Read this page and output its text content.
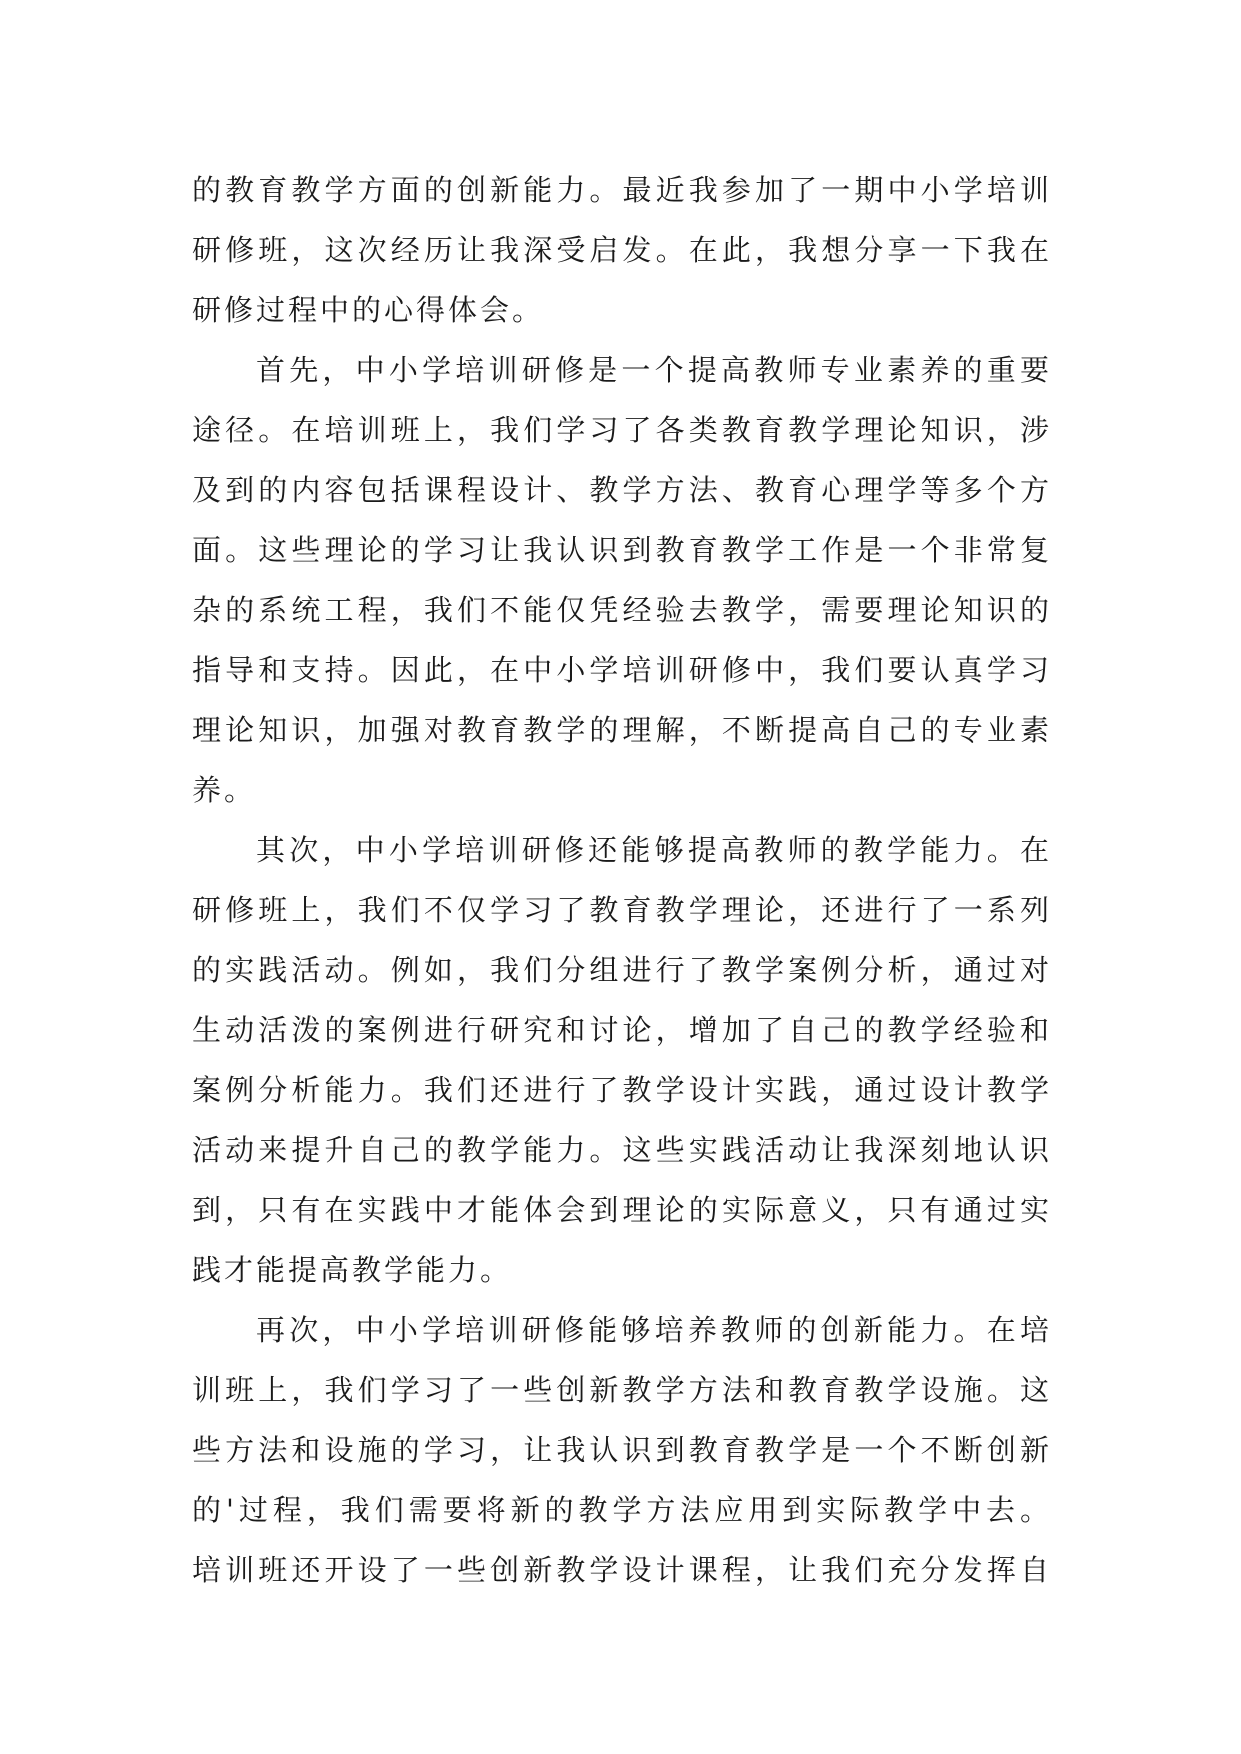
的教育教学方面的创新能力。最近我参加了一期中小学培训
研修班，这次经历让我深受启发。在此，我想分享一下我在
研修过程中的心得体会。
首先，中小学培训研修是一个提高教师专业素养的重要
途径。在培训班上，我们学习了各类教育教学理论知识，涉
及到的内容包括课程设计、教学方法、教育心理学等多个方
面。这些理论的学习让我认识到教育教学工作是一个非常复
杂的系统工程，我们不能仅凭经验去教学，需要理论知识的
指导和支持。因此，在中小学培训研修中，我们要认真学习
理论知识，加强对教育教学的理解，不断提高自己的专业素
养。
其次，中小学培训研修还能够提高教师的教学能力。在
研修班上，我们不仅学习了教育教学理论，还进行了一系列
的实践活动。例如，我们分组进行了教学案例分析，通过对
生动活泼的案例进行研究和讨论，增加了自己的教学经验和
案例分析能力。我们还进行了教学设计实践，通过设计教学
活动来提升自己的教学能力。这些实践活动让我深刻地认识
到，只有在实践中才能体会到理论的实际意义，只有通过实
践才能提高教学能力。
再次，中小学培训研修能够培养教师的创新能力。在培
训班上，我们学习了一些创新教学方法和教育教学设施。这
些方法和设施的学习，让我认识到教育教学是一个不断创新
的'过程，我们需要将新的教学方法应用到实际教学中去。
培训班还开设了一些创新教学设计课程，让我们充分发挥自
